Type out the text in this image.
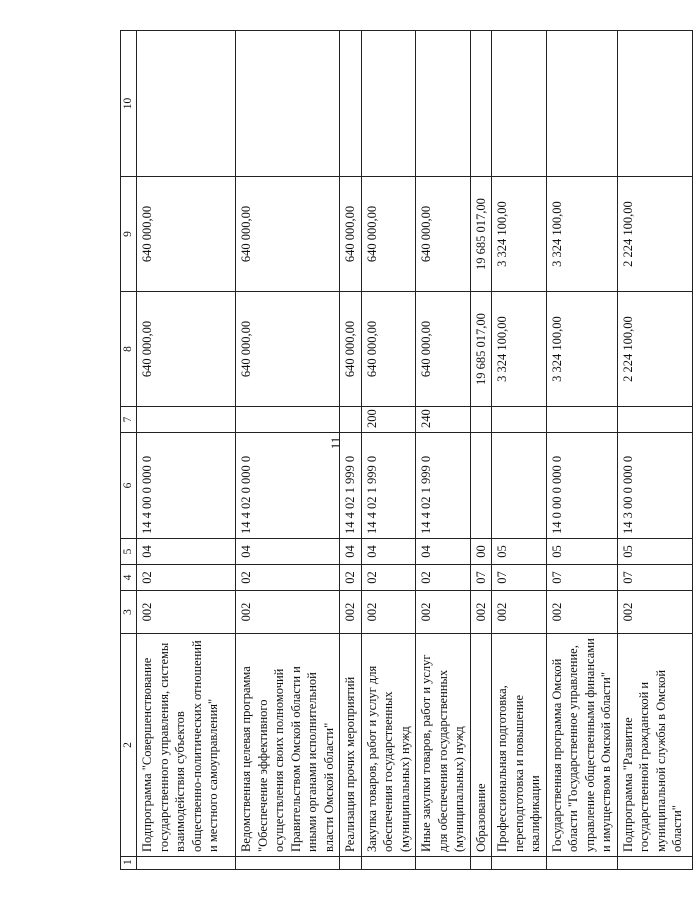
11
1	2	3	4	5	6	7	8	9	10
	Подпрограмма "Совершенствование государственного управления, системы взаимодействия субъектов общественно-политических отношений и местного самоуправления"	002	02	04	14 4 00 0 000 0		640 000,00	640 000,00	
	Ведомственная целевая программа "Обеспечение эффективного осуществления своих полномочий Правительством Омской области и иными органами исполнительной власти Омской области"	002	02	04	14 4 02 0 000 0		640 000,00	640 000,00	
	Реализация прочих мероприятий	002	02	04	14 4 02 1 999 0		640 000,00	640 000,00	
	Закупка товаров, работ и услуг для обеспечения государственных (муниципальных) нужд	002	02	04	14 4 02 1 999 0	200	640 000,00	640 000,00	
	Иные закупки товаров, работ и услуг для обеспечения государственных (муниципальных) нужд	002	02	04	14 4 02 1 999 0	240	640 000,00	640 000,00	
	Образование	002	07	00			19 685 017,00	19 685 017,00	
	Профессиональная подготовка, переподготовка и повышение квалификации	002	07	05			3 324 100,00	3 324 100,00	
	Государственная программа Омской области "Государственное управление, управление общественными финансами и имуществом в Омской области"	002	07	05	14 0 00 0 000 0		3 324 100,00	3 324 100,00	
	Подпрограмма "Развитие государственной гражданской и муниципальной службы в Омской области"	002	07	05	14 3 00 0 000 0		2 224 100,00	2 224 100,00	
